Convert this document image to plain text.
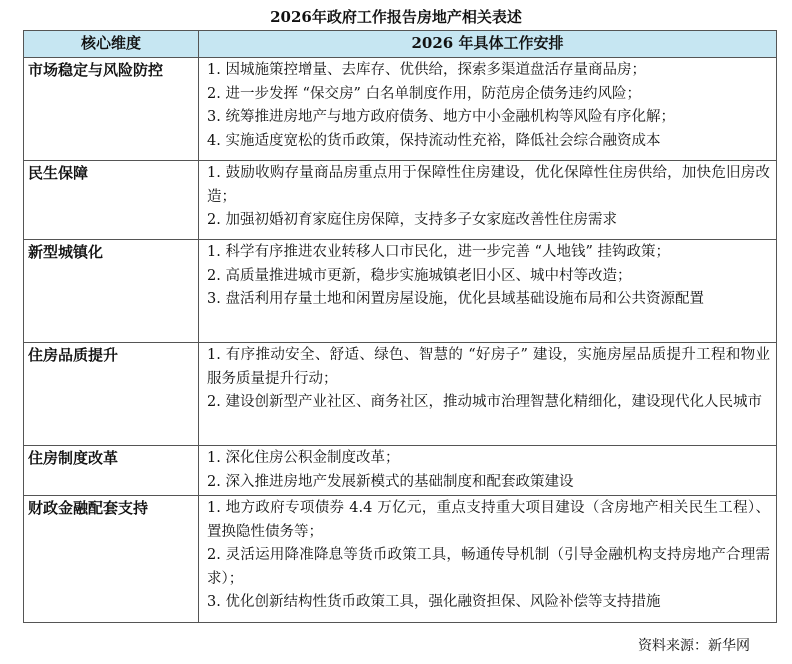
2026年政府工作报告房地产相关表述
核心维度	2026 年具体工作安排
市场稳定与风险防控	1. 因城施策控增量、去库存、优供给，探索多渠道盘活存量商品房；
2. 进一步发挥 “保交房” 白名单制度作用，防范房企债务违约风险；
3. 统筹推进房地产与地方政府债务、地方中小金融机构等风险有序化解；
4. 实施适度宽松的货币政策，保持流动性充裕，降低社会综合融资成本

民生保障	1. 鼓励收购存量商品房重点用于保障性住房建设，优化保障性住房供给，加快危旧房改造；
2. 加强初婚初育家庭住房保障，支持多子女家庭改善性住房需求

新型城镇化	1. 科学有序推进农业转移人口市民化，进一步完善 “人地钱” 挂钩政策；
2. 高质量推进城市更新，稳步实施城镇老旧小区、城中村等改造；
3. 盘活利用存量土地和闲置房屋设施，优化县域基础设施布局和公共资源配置

住房品质提升	1. 有序推动安全、舒适、绿色、智慧的 “好房子” 建设，实施房屋品质提升工程和物业服务质量提升行动；
2. 建设创新型产业社区、商务社区，推动城市治理智慧化精细化，建设现代化人民城市

住房制度改革	1. 深化住房公积金制度改革；
2. 深入推进房地产发展新模式的基础制度和配套政策建设

财政金融配套支持	1. 地方政府专项债券 4.4 万亿元，重点支持重大项目建设（含房地产相关民生工程）、置换隐性债务等；
2. 灵活运用降准降息等货币政策工具，畅通传导机制（引导金融机构支持房地产合理需求）；
3. 优化创新结构性货币政策工具，强化融资担保、风险补偿等支持措施
资料来源：新华网
